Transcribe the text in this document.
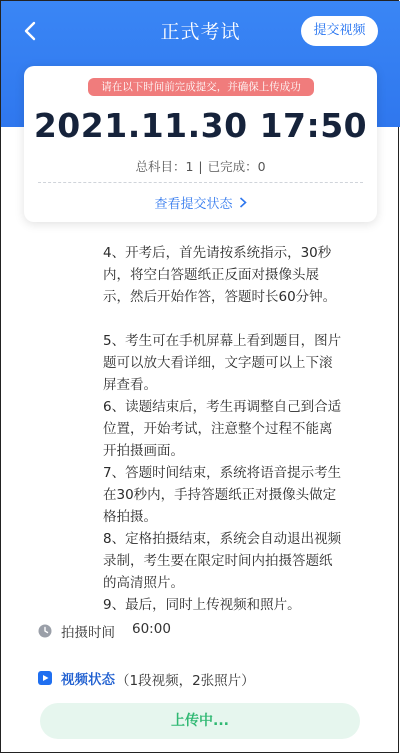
正式考试	提交视频
请在以下时间前完成提交，并确保上传成功
2021.11.30 17:50
总科目：1 | 已完成：0
查看提交状态
4、开考后，首先请按系统指示，30秒内，将空白答题纸正反面对摄像头展示，然后开始作答，答题时长60分钟。
5、考生可在手机屏幕上看到题目，图片题可以放大看详细，文字题可以上下滚屏查看。
6、读题结束后，考生再调整自己到合适位置，开始考试，注意整个过程不能离开拍摄画面。
7、答题时间结束，系统将语音提示考生在30秒内，手持答题纸正对摄像头做定格拍摄。
8、定格拍摄结束，系统会自动退出视频录制，考生要在限定时间内拍摄答题纸的高清照片。
9、最后，同时上传视频和照片。
拍摄时间 60:00
视频状态 （1段视频，2张照片）
上传中...
